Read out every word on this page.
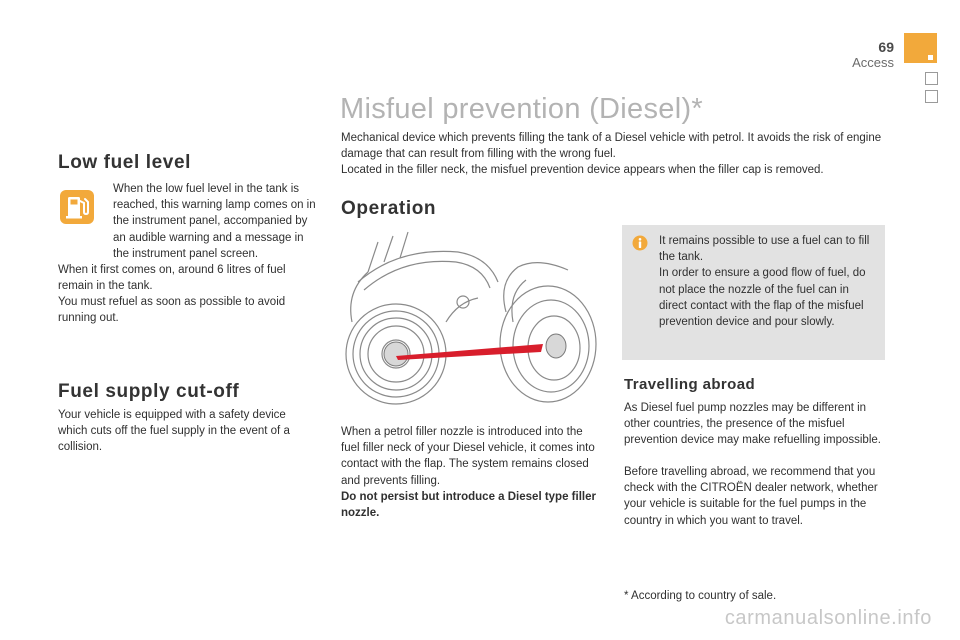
69
Access
Low fuel level

When the low fuel level in the tank is reached, this warning lamp comes on in the instrument panel, accompanied by an audible warning and a message in the instrument panel screen.

When it first comes on, around 6 litres of fuel remain in the tank.

You must refuel as soon as possible to avoid running out.

Fuel supply cut-off

Your vehicle is equipped with a safety device which cuts off the fuel supply in the event of a collision.

Misfuel prevention (Diesel)*

Mechanical device which prevents filling the tank of a Diesel vehicle with petrol. It avoids the risk of engine damage that can result from filling with the wrong fuel.

Located in the filler neck, the misfuel prevention device appears when the filler cap is removed.

Operation

When a petrol filler nozzle is introduced into the fuel filler neck of your Diesel vehicle, it comes into contact with the flap. The system remains closed and prevents filling.

Do not persist but introduce a Diesel type filler nozzle.

It remains possible to use a fuel can to fill the tank.

In order to ensure a good flow of fuel, do not place the nozzle of the fuel can in direct contact with the flap of the misfuel prevention device and pour slowly.

Travelling abroad

As Diesel fuel pump nozzles may be different in other countries, the presence of the misfuel prevention device may make refuelling impossible.

Before travelling abroad, we recommend that you check with the CITROËN dealer network, whether your vehicle is suitable for the fuel pumps in the country in which you want to travel.

* According to country of sale.

carmanualsonline.info
